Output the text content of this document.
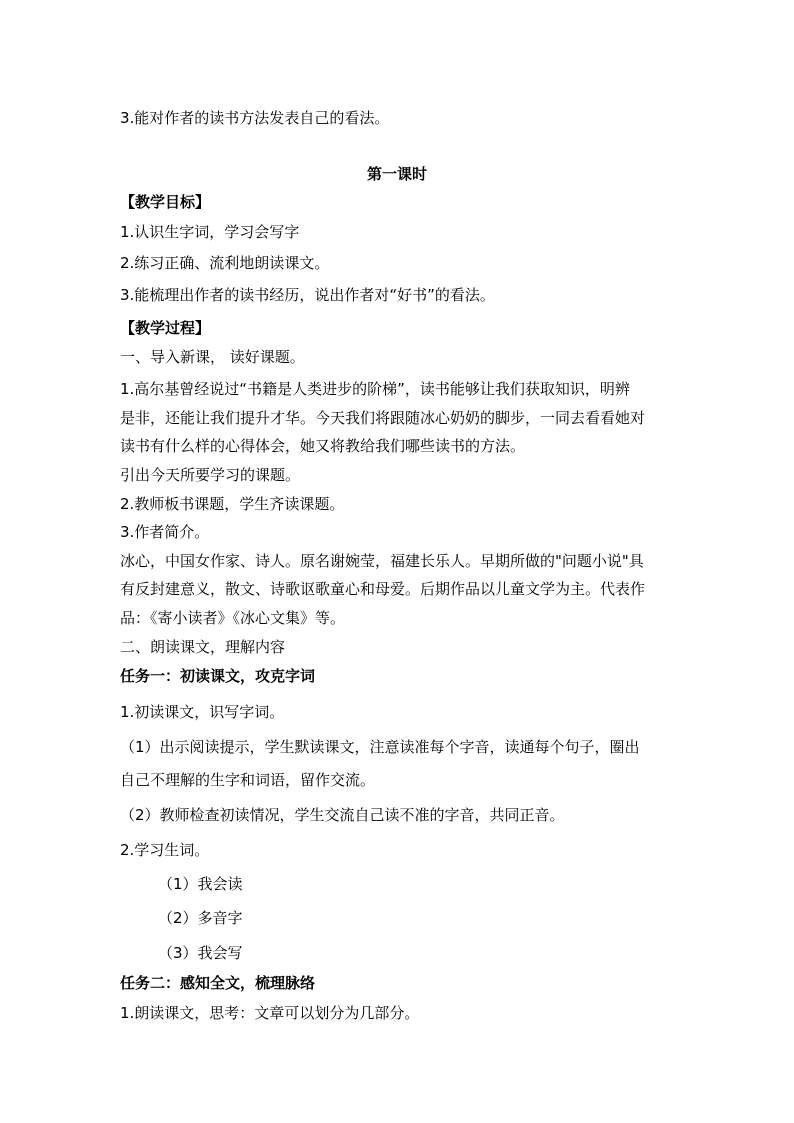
3.能对作者的读书方法发表自己的看法。
第一课时
【教学目标】
1.认识生字词，学习会写字
2.练习正确、流利地朗读课文。
3.能梳理出作者的读书经历，说出作者对“好书”的看法。
【教学过程】
一、导入新课， 读好课题。
1.高尔基曾经说过“书籍是人类进步的阶梯”，读书能够让我们获取知识，明辨
是非，还能让我们提升才华。今天我们将跟随冰心奶奶的脚步，一同去看看她对
读书有什么样的心得体会，她又将教给我们哪些读书的方法。
引出今天所要学习的课题。
2.教师板书课题，学生齐读课题。
3.作者简介。
冰心，中国女作家、诗人。原名谢婉莹，福建长乐人。早期所做的"问题小说"具
有反封建意义，散文、诗歌讴歌童心和母爱。后期作品以儿童文学为主。代表作
品：《寄小读者》《冰心文集》等。
二、朗读课文，理解内容
任务一：初读课文，攻克字词
1.初读课文，识写字词。
（1）出示阅读提示，学生默读课文，注意读准每个字音，读通每个句子，圈出
自己不理解的生字和词语，留作交流。
（2）教师检查初读情况，学生交流自己读不准的字音，共同正音。
2.学习生词。
（1）我会读
（2）多音字
（3）我会写
任务二：感知全文，梳理脉络
1.朗读课文，思考：文章可以划分为几部分。
